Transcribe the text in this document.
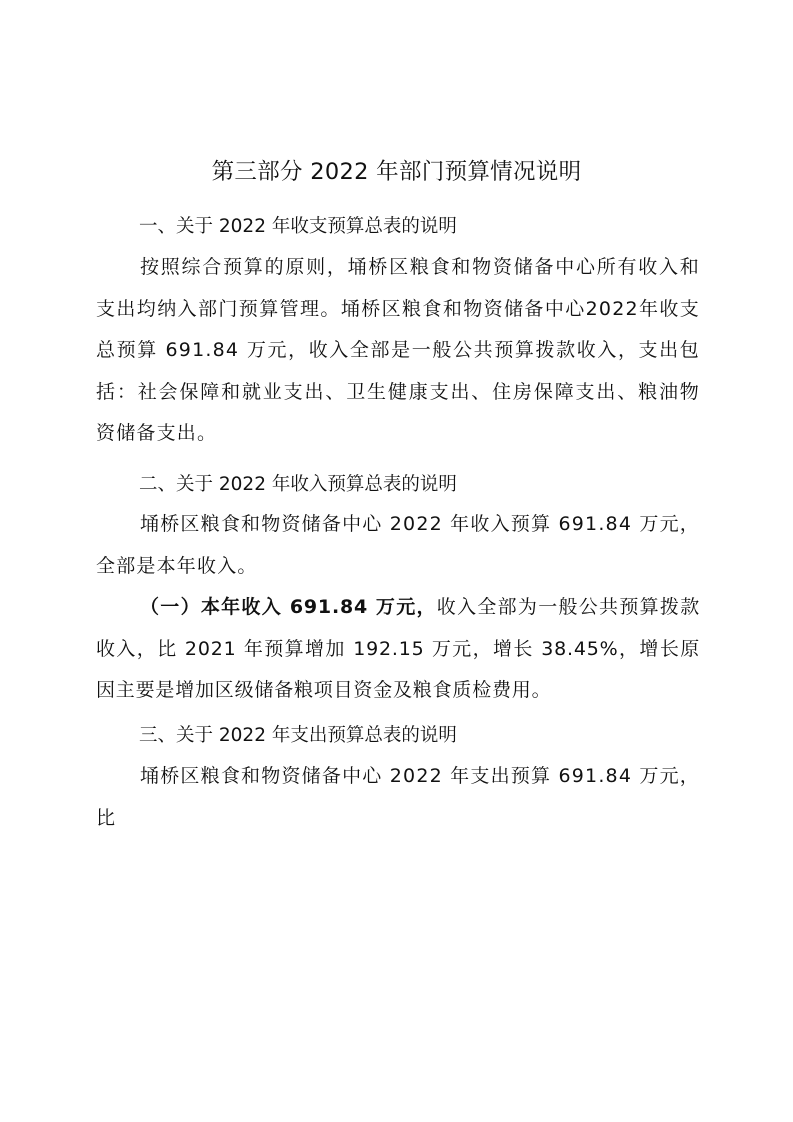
第三部分 2022 年部门预算情况说明
一、关于 2022 年收支预算总表的说明

按照综合预算的原则，埇桥区粮食和物资储备中心所有收入和支出均纳入部门预算管理。埇桥区粮食和物资储备中心2022年收支总预算 691.84 万元，收入全部是一般公共预算拨款收入，支出包括：社会保障和就业支出、卫生健康支出、住房保障支出、粮油物资储备支出。

二、关于 2022 年收入预算总表的说明

埇桥区粮食和物资储备中心 2022 年收入预算 691.84 万元，全部是本年收入。

（一）本年收入 691.84 万元，收入全部为一般公共预算拨款收入，比 2021 年预算增加 192.15 万元，增长 38.45%，增长原因主要是增加区级储备粮项目资金及粮食质检费用。

三、关于 2022 年支出预算总表的说明

埇桥区粮食和物资储备中心 2022 年支出预算 691.84 万元，比
